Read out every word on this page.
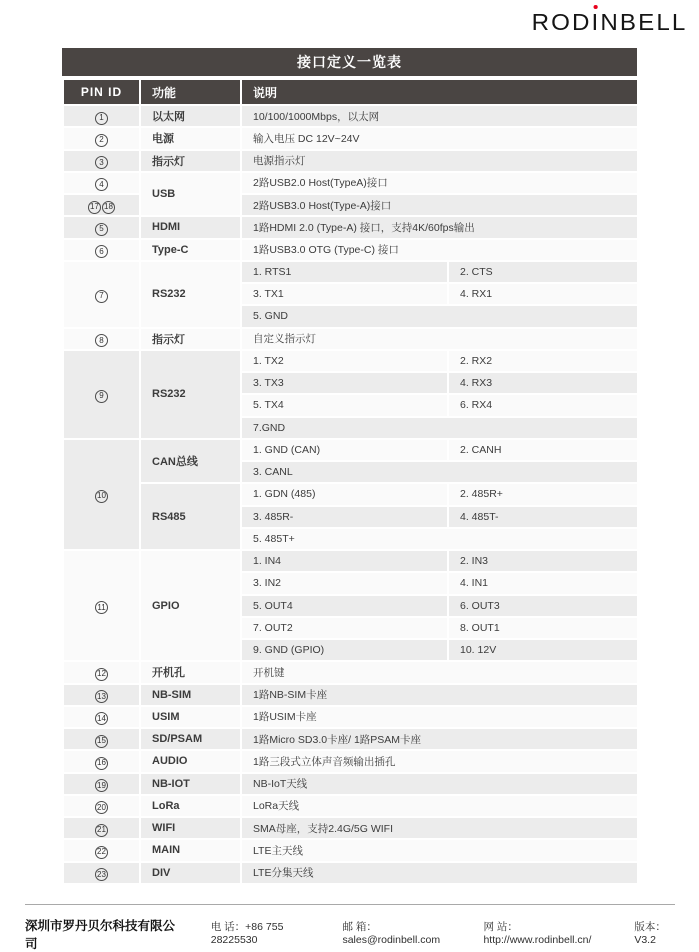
ROD
INBELL
接口定义一览表
PIN ID	功能	说明	
1	以太网	10/100/1000Mbps，以太网	
2	电源	输入电压 DC 12V~24V	
3	指示灯	电源指示灯	
4	USB	2路USB2.0 Host(TypeA)接口	
17 18		2路USB3.0 Host(Type-A)接口	
5	HDMI	1路HDMI 2.0 (Type-A) 接口，支持4K/60fps输出	
6	Type-C	1路USB3.0 OTG (Type-C) 接口	
7	RS232	1. RTS1	2. CTS
		3. TX1	4. RX1
		5. GND	
8	指示灯	自定义指示灯	
9	RS232	1. TX2	2. RX2
		3. TX3	4. RX3
		5. TX4	6. RX4
		7.GND	
10	CAN总线	1. GND (CAN)	2. CANH
		3. CANL	
	RS485	1. GDN (485)	2. 485R+
		3. 485R-	4. 485T-
		5. 485T+	
11	GPIO	1. IN4	2. IN3
		3. IN2	4. IN1
		5. OUT4	6. OUT3
		7. OUT2	8. OUT1
		9. GND (GPIO)	10. 12V
12	开机孔	开机键	
13	NB-SIM	1路NB-SIM卡座	
14	USIM	1路USIM卡座	
15	SD/PSAM	1路Micro SD3.0卡座/ 1路PSAM卡座	
16	AUDIO	1路三段式立体声音频输出插孔	
19	NB-IOT	NB-IoT天线	
20	LoRa	LoRa天线	
21	WIFI	SMA母座，支持2.4G/5G WIFI	
22	MAIN	LTE主天线	
23	DIV	LTE分集天线	
深圳市罗丹贝尔科技有限公司
电 话：+86 755 28225530
邮 箱：sales@rodinbell.com
网 站：http://www.rodinbell.cn/
版本：V3.2
